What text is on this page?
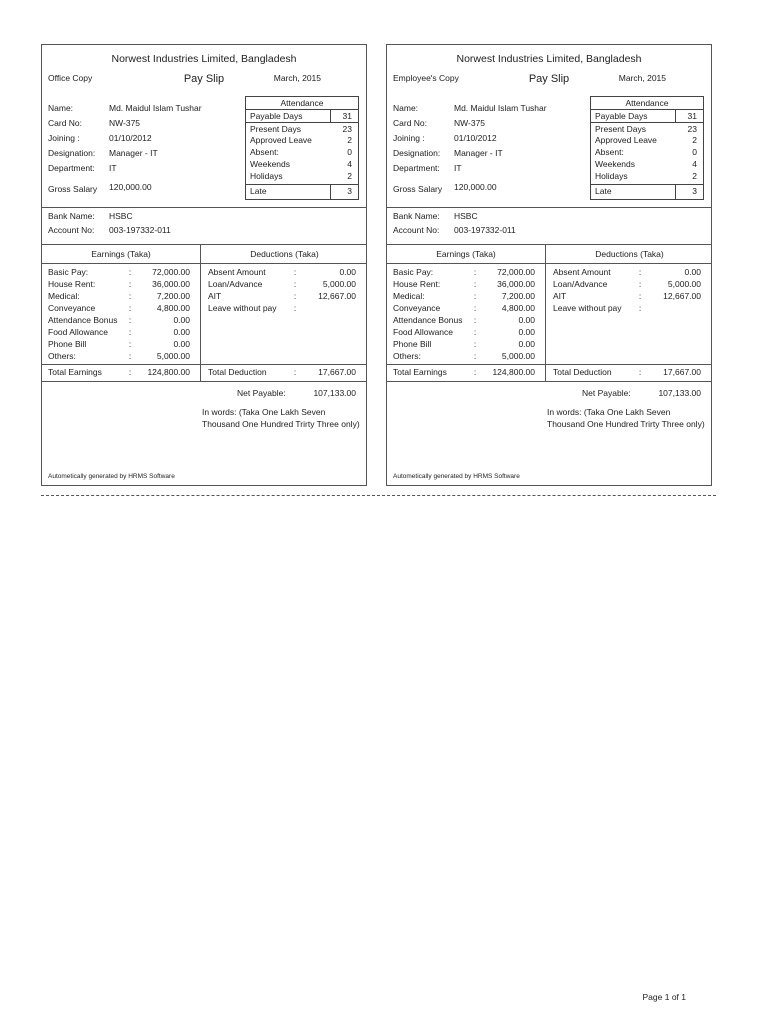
Norwest Industries Limited, Bangladesh
Office Copy	Pay Slip	March, 2015
Name:	Md. Maidul Islam Tushar
Card No:	NW-375
Joining :	01/10/2012
Designation: Manager - IT
Department: IT
Gross Salary 120,000.00
Attendance
Payable Days	31
Present Days	23
Approved Leave	2
Absent:	0
Weekends	4
Holidays	2
Late	3
Bank Name: HSBC
Account No: 003-197332-011
Earnings (Taka)	Deductions (Taka)
Basic Pay:	:	72,000.00
House Rent:	:	36,000.00
Medical:	:	7,200.00
Conveyance	:	4,800.00
Attendance Bonus	:	0.00
Food Allowance	:	0.00
Phone Bill	:	0.00
Others:	:	5,000.00
Absent Amount	:	0.00
Loan/Advance	:	5,000.00
AIT	:	12,667.00
Leave without pay	:
Total Earnings	:	124,800.00 Total Deduction	:	17,667.00
Net Payable:	107,133.00
In words: (Taka One Lakh Seven Thousand One Hundred Trirty Three only)
Autometically generated by HRMS Software
Norwest Industries Limited, Bangladesh
Employee's Copy	Pay Slip	March, 2015
Name:	Md. Maidul Islam Tushar
Card No:	NW-375
Joining :	01/10/2012
Designation: Manager - IT
Department: IT
Gross Salary 120,000.00
Attendance
Payable Days	31
Present Days	23
Approved Leave	2
Absent:	0
Weekends	4
Holidays	2
Late	3
Bank Name: HSBC
Account No: 003-197332-011
Earnings (Taka)	Deductions (Taka)
Basic Pay:	:	72,000.00
House Rent:	:	36,000.00
Medical:	:	7,200.00
Conveyance	:	4,800.00
Attendance Bonus	:	0.00
Food Allowance	:	0.00
Phone Bill	:	0.00
Others:	:	5,000.00
Absent Amount	:	0.00
Loan/Advance	:	5,000.00
AIT	:	12,667.00
Leave without pay	:
Total Earnings	:	124,800.00 Total Deduction	:	17,667.00
Net Payable:	107,133.00
In words: (Taka One Lakh Seven Thousand One Hundred Trirty Three only)
Autometically generated by HRMS Software
Page 1 of 1
